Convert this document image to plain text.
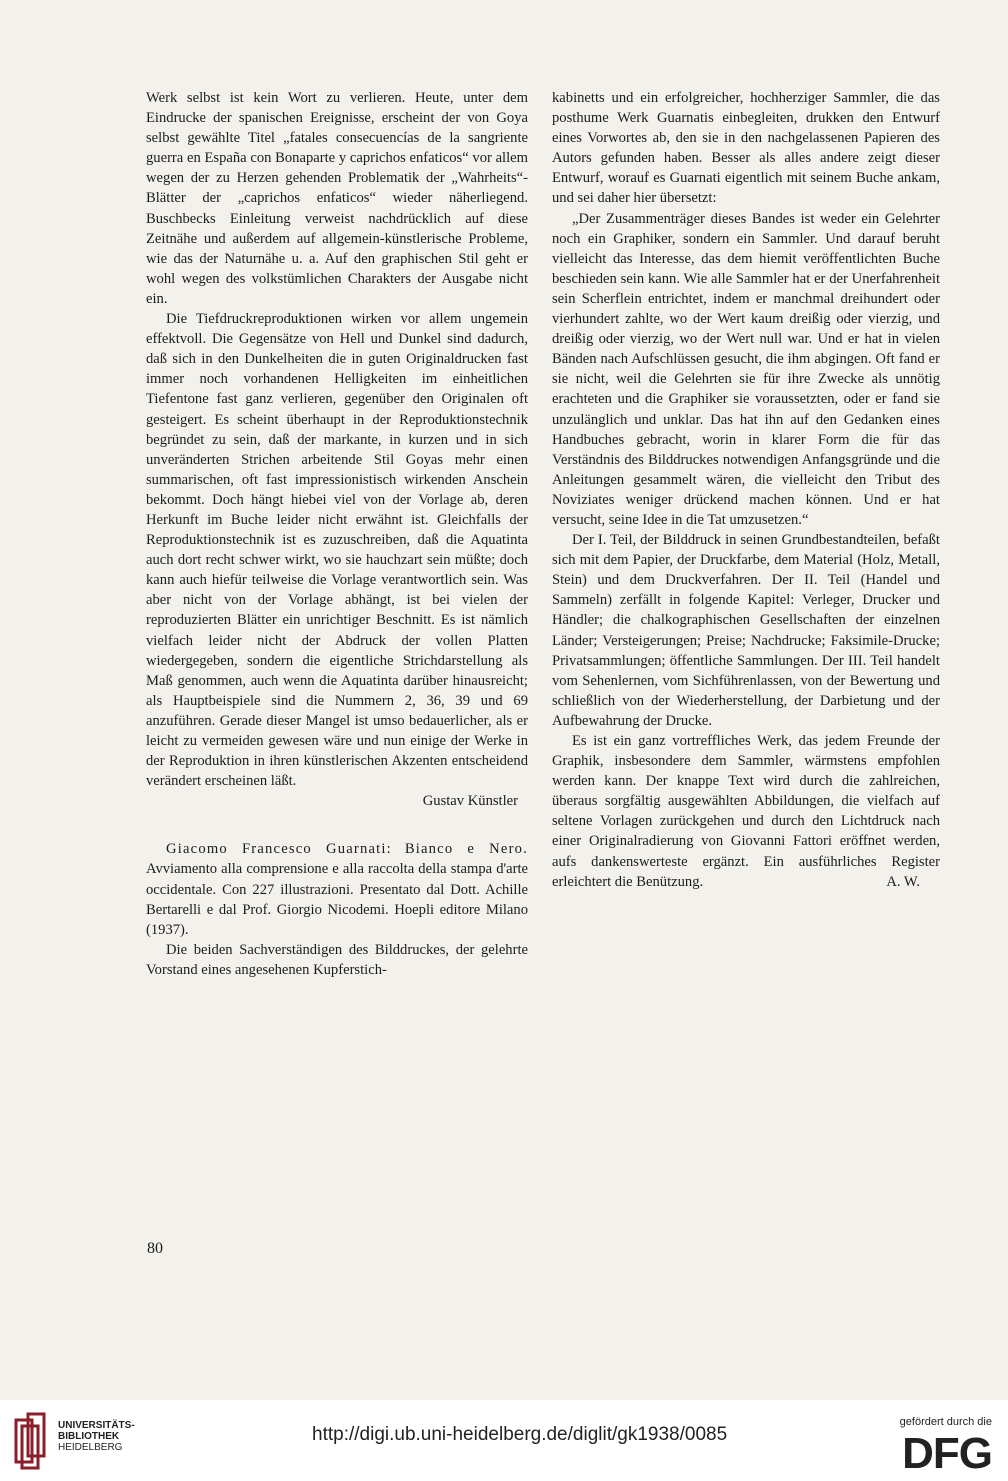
Werk selbst ist kein Wort zu verlieren. Heute, unter dem Eindrucke der spanischen Ereignisse, erscheint der von Goya selbst gewählte Titel „fatales consecuencías de la sangriente guerra en España con Bonaparte y caprichos enfaticos“ vor allem wegen der zu Herzen gehenden Problematik der „Wahrheits“-Blätter der „caprichos enfaticos“ wieder näherliegend. Buschbecks Einleitung verweist nachdrücklich auf diese Zeitnähe und außerdem auf allgemein-künstlerische Probleme, wie das der Naturnähe u. a. Auf den graphischen Stil geht er wohl wegen des volkstümlichen Charakters der Ausgabe nicht ein.

Die Tiefdruckreproduktionen wirken vor allem ungemein effektvoll. Die Gegensätze von Hell und Dunkel sind dadurch, daß sich in den Dunkelheiten die in guten Originaldrucken fast immer noch vorhandenen Helligkeiten im einheitlichen Tiefentone fast ganz verlieren, gegenüber den Originalen oft gesteigert. Es scheint überhaupt in der Reproduktionstechnik begründet zu sein, daß der markante, in kurzen und in sich unveränderten Strichen arbeitende Stil Goyas mehr einen summarischen, oft fast impressionistisch wirkenden Anschein bekommt. Doch hängt hiebei viel von der Vorlage ab, deren Herkunft im Buche leider nicht erwähnt ist. Gleichfalls der Reproduktionstechnik ist es zuzuschreiben, daß die Aquatinta auch dort recht schwer wirkt, wo sie hauchzart sein müßte; doch kann auch hiefür teilweise die Vorlage verantwortlich sein. Was aber nicht von der Vorlage abhängt, ist bei vielen der reproduzierten Blätter ein unrichtiger Beschnitt. Es ist nämlich vielfach leider nicht der Abdruck der vollen Platten wiedergegeben, sondern die eigentliche Strichdarstellung als Maß genommen, auch wenn die Aquatinta darüber hinausreicht; als Hauptbeispiele sind die Nummern 2, 36, 39 und 69 anzuführen. Gerade dieser Mangel ist umso bedauerlicher, als er leicht zu vermeiden gewesen wäre und nun einige der Werke in der Reproduktion in ihren künstlerischen Akzenten entscheidend verändert erscheinen läßt.

Gustav Künstler

Giacomo Francesco Guarnati: Bianco e Nero. Avviamento alla comprensione e alla raccolta della stampa d'arte occidentale. Con 227 illustrazioni. Presentato dal Dott. Achille Bertarelli e dal Prof. Giorgio Nicodemi. Hoepli editore Milano (1937).

Die beiden Sachverständigen des Bilddruckes, der gelehrte Vorstand eines angesehenen Kupferstich-

kabinetts und ein erfolgreicher, hochherziger Sammler, die das posthume Werk Guarnatis einbegleiten, drukken den Entwurf eines Vorwortes ab, den sie in den nachgelassenen Papieren des Autors gefunden haben. Besser als alles andere zeigt dieser Entwurf, worauf es Guarnati eigentlich mit seinem Buche ankam, und sei daher hier übersetzt:

„Der Zusammenträger dieses Bandes ist weder ein Gelehrter noch ein Graphiker, sondern ein Sammler. Und darauf beruht vielleicht das Interesse, das dem hiemit veröffentlichten Buche beschieden sein kann. Wie alle Sammler hat er der Unerfahrenheit sein Scherflein entrichtet, indem er manchmal dreihundert oder vierhundert zahlte, wo der Wert kaum dreißig oder vierzig, und dreißig oder vierzig, wo der Wert null war. Und er hat in vielen Bänden nach Aufschlüssen gesucht, die ihm abgingen. Oft fand er sie nicht, weil die Gelehrten sie für ihre Zwecke als unnötig erachteten und die Graphiker sie voraussetzten, oder er fand sie unzulänglich und unklar. Das hat ihn auf den Gedanken eines Handbuches gebracht, worin in klarer Form die für das Verständnis des Bilddruckes notwendigen Anfangsgründe und die Anleitungen gesammelt wären, die vielleicht den Tribut des Noviziates weniger drückend machen können. Und er hat versucht, seine Idee in die Tat umzusetzen.“

Der I. Teil, der Bilddruck in seinen Grundbestandteilen, befaßt sich mit dem Papier, der Druckfarbe, dem Material (Holz, Metall, Stein) und dem Druckverfahren. Der II. Teil (Handel und Sammeln) zerfällt in folgende Kapitel: Verleger, Drucker und Händler; die chalkographischen Gesellschaften der einzelnen Länder; Versteigerungen; Preise; Nachdrucke; Faksimile-Drucke; Privatsammlungen; öffentliche Sammlungen. Der III. Teil handelt vom Sehenlernen, vom Sichführenlassen, von der Bewertung und schließlich von der Wiederherstellung, der Darbietung und der Aufbewahrung der Drucke.

Es ist ein ganz vortreffliches Werk, das jedem Freunde der Graphik, insbesondere dem Sammler, wärmstens empfohlen werden kann. Der knappe Text wird durch die zahlreichen, überaus sorgfältig ausgewählten Abbildungen, die vielfach auf seltene Vorlagen zurückgehen und durch den Lichtdruck nach einer Originalradierung von Giovanni Fattori eröffnet werden, aufs dankenswerteste ergänzt. Ein ausführliches Register erleichtert die Benützung.	A. W.

80
UNIVERSITÄTS-
BIBLIOTHEK
HEIDELBERG
http://digi.ub.uni-heidelberg.de/diglit/gk1938/0085
gefördert durch die
DFG
